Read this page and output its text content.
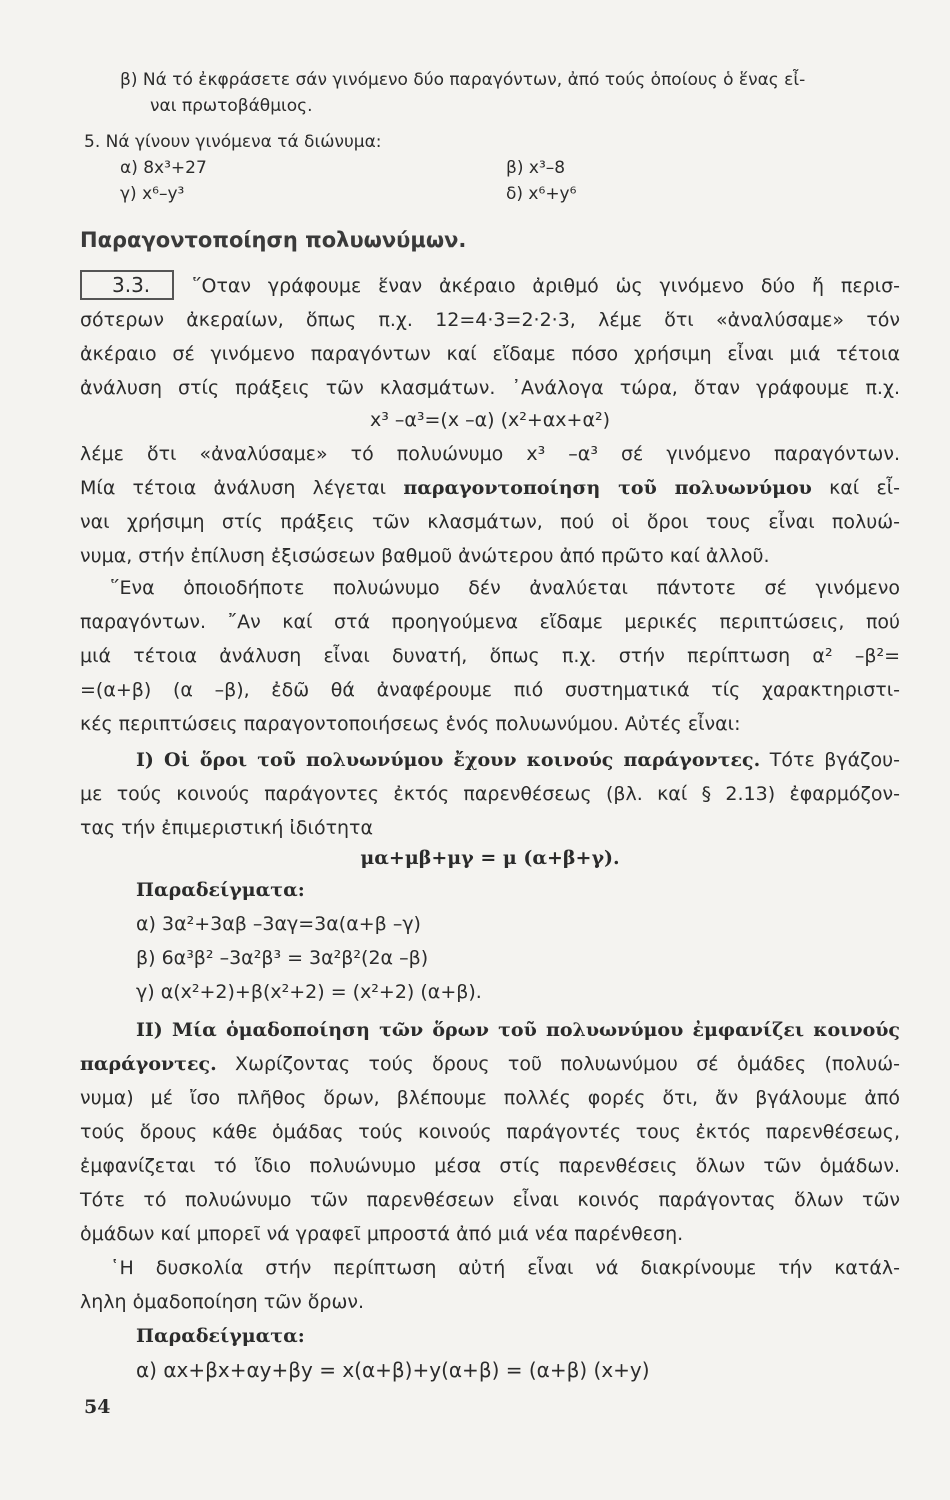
β) Νά τό ἐκφράσετε σάν γινόμενο δύο παραγόντων, ἀπό τούς ὁποίους ὁ ἕνας εἶ-
ναι πρωτοβάθμιος.
5. Νά γίνουν γινόμενα τά διώνυμα:
α) 8x³+27	β) x³–8
γ) x⁶–y³	δ) x⁶+y⁶
Παραγοντοποίηση πολυωνύμων.
3.3.	῞Οταν γράφουμε ἕναν ἀκέραιο ἀριθμό ὡς γινόμενο δύο ἤ περισ-
σότερων ἀκεραίων, ὅπως π.χ. 12=4·3=2·2·3, λέμε ὅτι «ἀναλύσαμε» τόν
ἀκέραιο σέ γινόμενο παραγόντων καί εἴδαμε πόσο χρήσιμη εἶναι μιά τέτοια
ἀνάλυση στίς πράξεις τῶν κλασμάτων. ᾿Ανάλογα τώρα, ὅταν γράφουμε π.χ.
x³ –α³=(x –α) (x²+αx+α²)
λέμε ὅτι «ἀναλύσαμε» τό πολυώνυμο x³ –α³ σέ γινόμενο παραγόντων.
Μία τέτοια ἀνάλυση λέγεται παραγοντοποίηση τοῦ πολυωνύμου καί εἶ-
ναι χρήσιμη στίς πράξεις τῶν κλασμάτων, πού οἱ ὅροι τους εἶναι πολυώ-
νυμα, στήν ἐπίλυση ἐξισώσεων βαθμοῦ ἀνώτερου ἀπό πρῶτο καί ἀλλοῦ.
῞Ενα ὁποιοδήποτε πολυώνυμο δέν ἀναλύεται πάντοτε σέ γινόμενο
παραγόντων. ῎Αν καί στά προηγούμενα εἴδαμε μερικές περιπτώσεις, πού
μιά τέτοια ἀνάλυση εἶναι δυνατή, ὅπως π.χ. στήν περίπτωση α² –β²=
=(α+β) (α –β), ἐδῶ θά ἀναφέρουμε πιό συστηματικά τίς χαρακτηριστι-
κές περιπτώσεις παραγοντοποιήσεως ἑνός πολυωνύμου. Αὐτές εἶναι:
I) Οἱ ὅροι τοῦ πολυωνύμου ἔχουν κοινούς παράγοντες. Τότε βγάζου-
με τούς κοινούς παράγοντες ἐκτός παρενθέσεως (βλ. καί § 2.13) ἐφαρμόζον-
τας τήν ἐπιμεριστική ἰδιότητα
μα+μβ+μγ = μ (α+β+γ).
Παραδείγματα:
α) 3α²+3αβ –3αγ=3α(α+β –γ)
β) 6α³β² –3α²β³ = 3α²β²(2α –β)
γ) α(x²+2)+β(x²+2) = (x²+2) (α+β).
II) Μία ὁμαδοποίηση τῶν ὅρων τοῦ πολυωνύμου ἐμφανίζει κοινούς
παράγοντες. Χωρίζοντας τούς ὅρους τοῦ πολυωνύμου σέ ὁμάδες (πολυώ-
νυμα) μέ ἴσο πλῆθος ὅρων, βλέπουμε πολλές φορές ὅτι, ἄν βγάλουμε ἀπό
τούς ὅρους κάθε ὁμάδας τούς κοινούς παράγοντές τους ἐκτός παρενθέσεως,
ἐμφανίζεται τό ἴδιο πολυώνυμο μέσα στίς παρενθέσεις ὅλων τῶν ὁμάδων.
Τότε τό πολυώνυμο τῶν παρενθέσεων εἶναι κοινός παράγοντας ὅλων τῶν
ὁμάδων καί μπορεῖ νά γραφεῖ μπροστά ἀπό μιά νέα παρένθεση.
῾Η δυσκολία στήν περίπτωση αὐτή εἶναι νά διακρίνουμε τήν κατάλ-
ληλη ὁμαδοποίηση τῶν ὅρων.
Παραδείγματα:
α) αx+βx+αy+βy = x(α+β)+y(α+β) = (α+β) (x+y)
54
